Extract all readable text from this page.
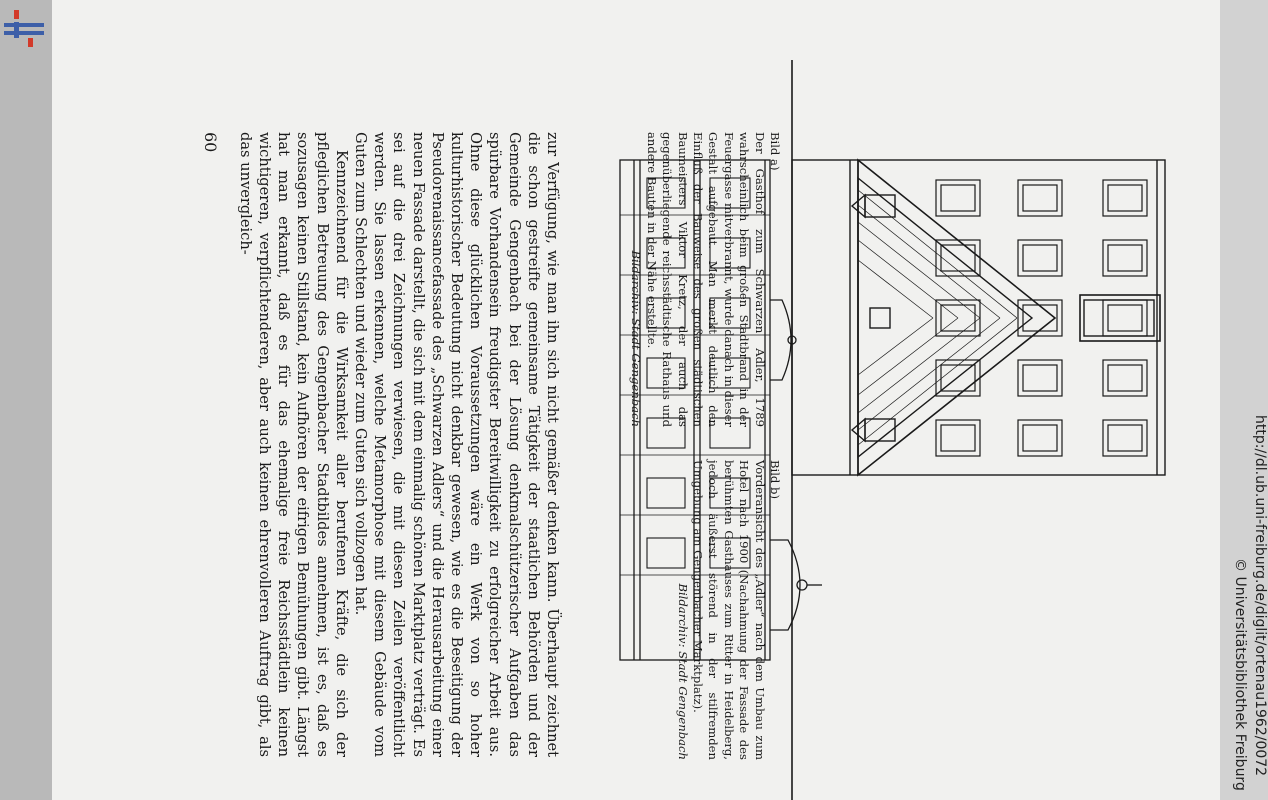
Bild a)
Der Gasthof zum Schwarzen Adler, 1789 wahrscheinlich beim großen Stadtbrand in der Feuergasse mitverbrannt, wurde danach in dieser Gestalt aufgebaut. Man merkt deutlich den Einfluß der Bauweise des großen städtischen Baumeisters Viktor Kretz, der auch das gegenüberliegende reichsstädtische Rathaus und andere Bauten in der Nähe erstellte.
Bildarchiv: Stadt Gengenbach
Bild b)
Vorderansicht des „Adler“ nach dem Umbau zum Hotel nach 1900 (Nachahmung der Fassade des berühmten Gasthauses zum Ritter in Heidelberg, jedoch äußerst störend in der stilfremden Umgebung am Gengenbacher Marktplatz).
Bildarchiv: Stadt Gengenbach

zur Verfügung, wie man ihn sich nicht gemäßer denken kann. Überhaupt zeichnet die schon gestreifte gemeinsame Tätigkeit der staatlichen Behörden und der Gemeinde Gengenbach bei der Lösung denkmalschützerischer Aufgaben das spürbare Vorhandensein freudigster Bereitwilligkeit zu erfolgreicher Arbeit aus. Ohne diese glücklichen Voraussetzungen wäre ein Werk von so hoher kulturhistorischer Bedeutung nicht denkbar gewesen, wie es die Beseitigung der Pseudorenaissancefassade des „Schwarzen Adlers“ und die Herausarbeitung einer neuen Fassade darstellt, die sich mit dem einmalig schönen Marktplatz verträgt. Es sei auf die drei Zeichnungen verwiesen, die mit diesen Zeilen veröffentlicht werden. Sie lassen erkennen, welche Metamorphose mit diesem Gebäude vom Guten zum Schlechten und wieder zum Guten sich vollzogen hat.

Kennzeichnend für die Wirksamkeit aller berufenen Kräfte, die sich der pfleglichen Betreuung des Gengenbacher Stadtbildes annehmen, ist es, daß es sozusagen keinen Stillstand, kein Aufhören der eifrigen Bemühungen gibt. Längst hat man erkannt, daß es für das ehemalige freie Reichsstädtlein keinen wichtigeren, verpflichtenderen, aber auch keinen ehrenvolleren Auftrag gibt, als das unvergleich-

60
http://dl.ub.uni-freiburg.de/diglit/ortenau1962/0072
© Universitätsbibliothek Freiburg
